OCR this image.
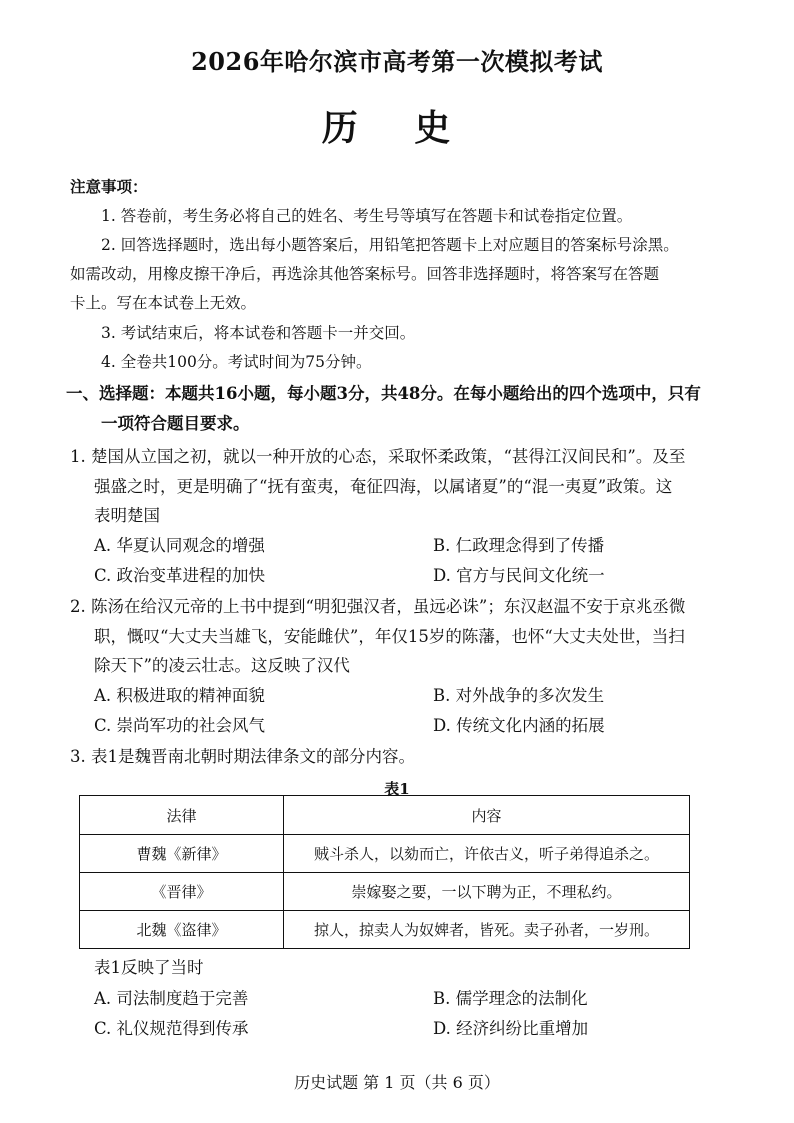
2026年哈尔滨市高考第一次模拟考试
历 史
注意事项：
1. 答卷前，考生务必将自己的姓名、考生号等填写在答题卡和试卷指定位置。
2. 回答选择题时，选出每小题答案后，用铅笔把答题卡上对应题目的答案标号涂黑。
如需改动，用橡皮擦干净后，再选涂其他答案标号。回答非选择题时，将答案写在答题
卡上。写在本试卷上无效。
3. 考试结束后，将本试卷和答题卡一并交回。
4. 全卷共100分。考试时间为75分钟。
一、选择题：本题共16小题，每小题3分，共48分。在每小题给出的四个选项中，只有
一项符合题目要求。
1. 楚国从立国之初，就以一种开放的心态，采取怀柔政策，“甚得江汉间民和”。及至
强盛之时，更是明确了“抚有蛮夷，奄征四海，以属诸夏”的“混一夷夏”政策。这
表明楚国
A. 华夏认同观念的增强	B. 仁政理念得到了传播
C. 政治变革进程的加快	D. 官方与民间文化统一
2. 陈汤在给汉元帝的上书中提到“明犯强汉者，虽远必诛”；东汉赵温不安于京兆丞微
职，慨叹“大丈夫当雄飞，安能雌伏”，年仅15岁的陈藩，也怀“大丈夫处世，当扫
除天下”的凌云壮志。这反映了汉代
A. 积极进取的精神面貌	B. 对外战争的多次发生
C. 崇尚军功的社会风气	D. 传统文化内涵的拓展
3. 表1是魏晋南北朝时期法律条文的部分内容。
表1
法律	内容
曹魏《新律》	贼斗杀人，以劾而亡，许依古义，听子弟得追杀之。
《晋律》	崇嫁娶之要，一以下聘为正，不理私约。
北魏《盗律》	掠人，掠卖人为奴婢者，皆死。卖子孙者，一岁刑。
表1反映了当时
A. 司法制度趋于完善	B. 儒学理念的法制化
C. 礼仪规范得到传承	D. 经济纠纷比重增加
历史试题 第 1 页（共 6 页）
